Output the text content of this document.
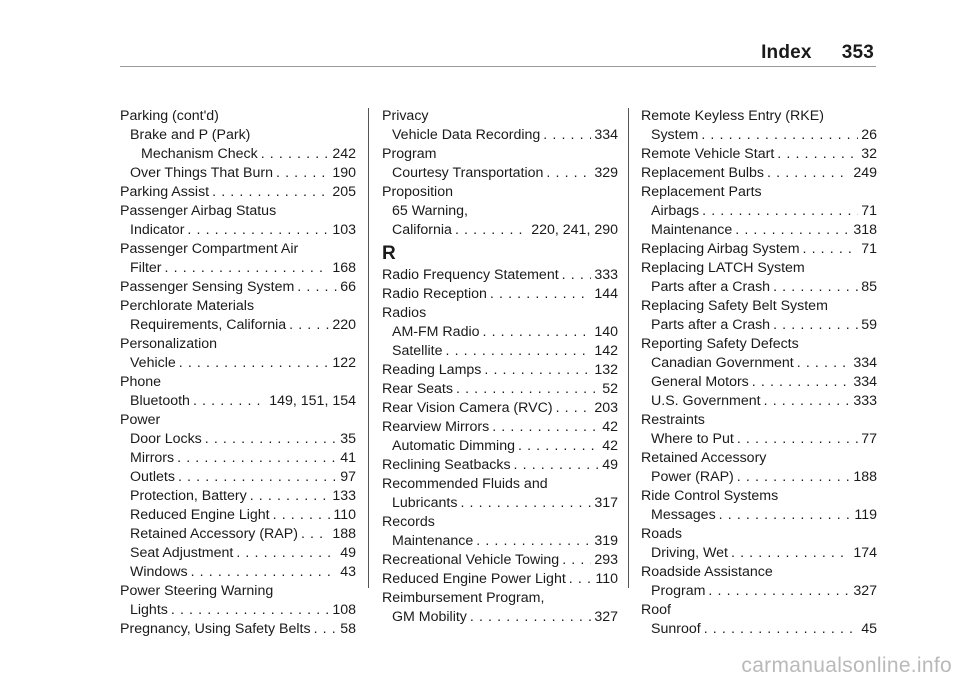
Index 353
Parking (cont'd)
Brake and P (Park)
Mechanism Check . . .	242
Over Things That Burn . . .	190
Parking Assist . . .	205
Passenger Airbag Status
Indicator . . .	103
Passenger Compartment Air
Filter . . .	168
Passenger Sensing System . . .	66
Perchlorate Materials
Requirements, California . . .	220
Personalization
Vehicle . . .	122
Phone
Bluetooth . . .	149, 151, 154
Power
Door Locks . . .	35
Mirrors . . .	41
Outlets . . .	97
Protection, Battery . . .	133
Reduced Engine Light . . .	110
Retained Accessory (RAP) . . . 188
Seat Adjustment . . .	49
Windows . . .	43
Power Steering Warning
Lights . . .	108
Pregnancy, Using Safety Belts . . . 58
Privacy
Vehicle Data Recording . . .	334
Program
Courtesy Transportation . . .	329
Proposition
65 Warning,
California . . .	220, 241, 290
R
Radio Frequency Statement . . .	333
Radio Reception . . .	144
Radios
AM-FM Radio . . .	140
Satellite . . .	142
Reading Lamps . . .	132
Rear Seats . . .	52
Rear Vision Camera (RVC) . . .	203
Rearview Mirrors . . .	42
Automatic Dimming . . .	42
Reclining Seatbacks . . .	49
Recommended Fluids and
Lubricants . . .	317
Records
Maintenance . . .	319
Recreational Vehicle Towing . . . 293
Reduced Engine Power Light . . . 110
Reimbursement Program,
GM Mobility . . .	327
Remote Keyless Entry (RKE)
System . . .	26
Remote Vehicle Start . . .	32
Replacement Bulbs . . .	249
Replacement Parts
Airbags . . .	71
Maintenance . . .	318
Replacing Airbag System . . .	71
Replacing LATCH System
Parts after a Crash . . .	85
Replacing Safety Belt System
Parts after a Crash . . .	59
Reporting Safety Defects
Canadian Government . . .	334
General Motors . . .	334
U.S. Government . . .	333
Restraints
Where to Put . . .	77
Retained Accessory
Power (RAP) . . .	188
Ride Control Systems
Messages . . .	119
Roads
Driving, Wet . . .	174
Roadside Assistance
Program . . .	327
Roof
Sunroof . . .	45
carmanualsonline.info
